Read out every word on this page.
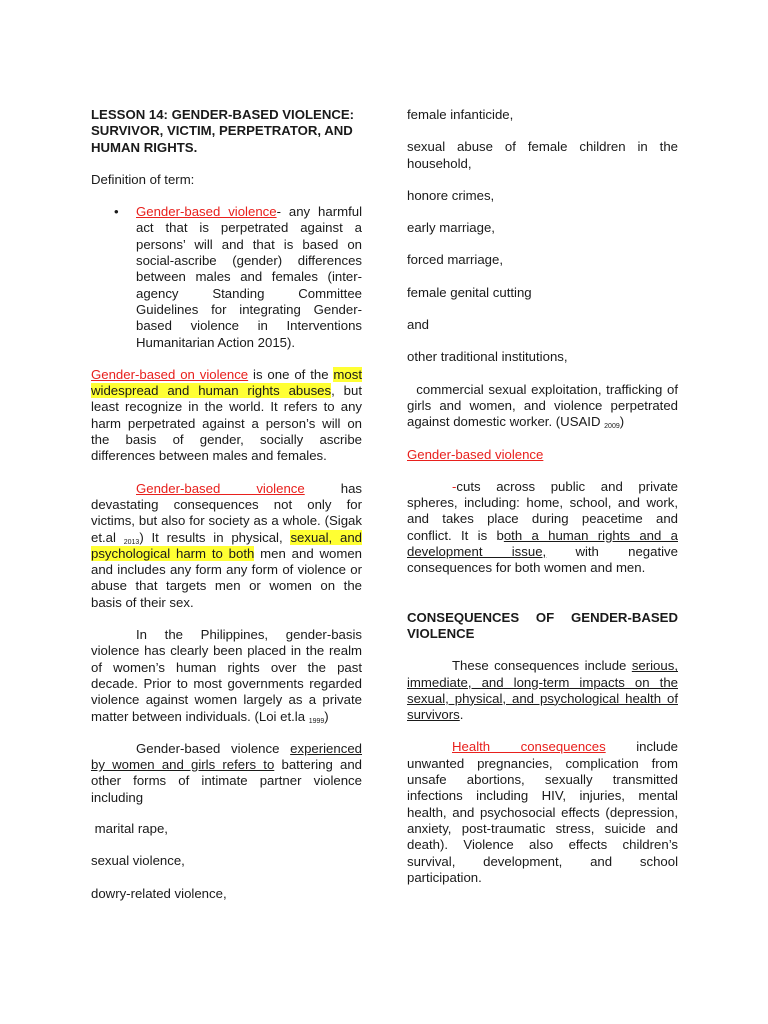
LESSON 14: GENDER-BASED VIOLENCE: SURVIVOR, VICTIM, PERPETRATOR, AND HUMAN RIGHTS.

Definition of term:

• Gender-based violence- any harmful act that is perpetrated against a persons’ will and that is based on social-ascribe (gender) differences between males and females (inter-agency Standing Committee Guidelines for integrating Gender-based violence in Interventions Humanitarian Action 2015).

Gender-based on violence is one of the most widespread and human rights abuses, but least recognize in the world. It refers to any harm perpetrated against a person’s will on the basis of gender, socially ascribe differences between males and females.

Gender-based violence has devastating consequences not only for victims, but also for society as a whole. (Sigak et.al $_{2013}$) It results in physical, sexual, and psychological harm to both men and women and includes any form any form of violence or abuse that targets men or women on the basis of their sex.

In the Philippines, gender-basis violence has clearly been placed in the realm of women’s human rights over the past decade. Prior to most governments regarded violence against women largely as a private matter between individuals. (Loi et.la $_{1999}$)

Gender-based violence experienced by women and girls refers to battering and other forms of intimate partner violence including

marital rape,

sexual violence,

dowry-related violence,

female infanticide,

sexual abuse of female children in the household,

honore crimes,

early marriage,

forced marriage,

female genital cutting

and

other traditional institutions,

commercial sexual exploitation, trafficking of girls and women, and violence perpetrated against domestic worker. (USAID $_{2009}$)

Gender-based violence

-cuts across public and private spheres, including: home, school, and work, and takes place during peacetime and conflict. It is both a human rights and a development issue, with negative consequences for both women and men.

CONSEQUENCES OF GENDER-BASED VIOLENCE

These consequences include serious, immediate, and long-term impacts on the sexual, physical, and psychological health of survivors.

Health consequences include unwanted pregnancies, complication from unsafe abortions, sexually transmitted infections including HIV, injuries, mental health, and psychosocial effects (depression, anxiety, post-traumatic stress, suicide and death). Violence also effects children’s survival, development, and school participation.
